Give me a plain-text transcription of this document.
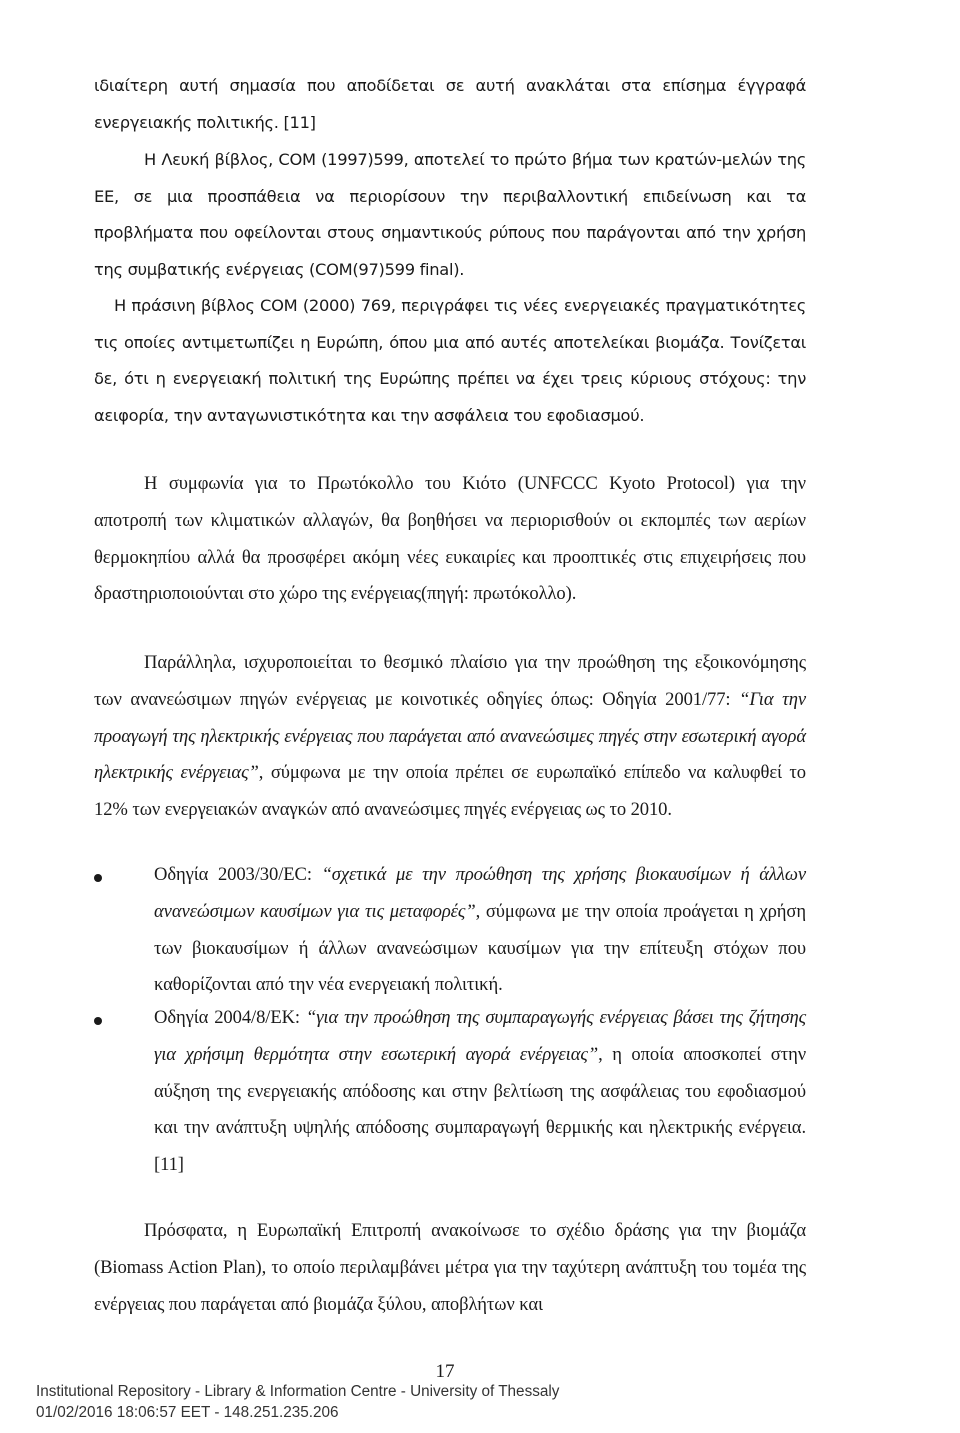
ιδιαίτερη αυτή σημασία που αποδίδεται σε αυτή ανακλάται στα επίσημα έγγραφά ενεργειακής πολιτικής. [11]

Η Λευκή βίβλος, COM (1997)599, αποτελεί το πρώτο βήμα των κρατών-μελών της ΕΕ, σε μια προσπάθεια να περιορίσουν την περιβαλλοντική επιδείνωση και τα προβλήματα που οφείλονται στους σημαντικούς ρύπους που παράγονται από την χρήση της συμβατικής ενέργειας (COM(97)599 final).

Η πράσινη βίβλος COM (2000) 769, περιγράφει τις νέες ενεργειακές πραγματικότητες τις οποίες αντιμετωπίζει η Ευρώπη, όπου μια από αυτές αποτελείκαι βιομάζα. Τονίζεται δε, ότι η ενεργειακή πολιτική της Ευρώπης πρέπει να έχει τρεις κύριους στόχους: την αειφορία, την ανταγωνιστικότητα και την ασφάλεια του εφοδιασμού.

Η συμφωνία για το Πρωτόκολλο του Κιότο (UNFCCC Kyoto Protocol) για την αποτροπή των κλιματικών αλλαγών, θα βοηθήσει να περιορισθούν οι εκπομπές των αερίων θερμοκηπίου αλλά θα προσφέρει ακόμη νέες ευκαιρίες και προοπτικές στις επιχειρήσεις που δραστηριοποιούνται στο χώρο της ενέργειας(πηγή: πρωτόκολλο).

Παράλληλα, ισχυροποιείται το θεσμικό πλαίσιο για την προώθηση της εξοικονόμησης των ανανεώσιμων πηγών ενέργειας με κοινοτικές οδηγίες όπως: Οδηγία 2001/77: “Για την προαγωγή της ηλεκτρικής ενέργειας που παράγεται από ανανεώσιμες πηγές στην εσωτερική αγορά ηλεκτρικής ενέργειας”, σύμφωνα με την οποία πρέπει σε ευρωπαϊκό επίπεδο να καλυφθεί το 12% των ενεργειακών αναγκών από ανανεώσιμες πηγές ενέργειας ως το 2010.

Οδηγία 2003/30/ΕC: “σχετικά με την προώθηση της χρήσης βιοκαυσίμων ή άλλων ανανεώσιμων καυσίμων για τις μεταφορές”, σύμφωνα με την οποία προάγεται η χρήση των βιοκαυσίμων ή άλλων ανανεώσιμων καυσίμων για την επίτευξη στόχων που καθορίζονται από την νέα ενεργειακή πολιτική.

Οδηγία 2004/8/ΕΚ: “για την προώθηση της συμπαραγωγής ενέργειας βάσει της ζήτησης για χρήσιμη θερμότητα στην εσωτερική αγορά ενέργειας”, η οποία αποσκοπεί στην αύξηση της ενεργειακής απόδοσης και στην βελτίωση της ασφάλειας του εφοδιασμού και την ανάπτυξη υψηλής απόδοσης συμπαραγωγή θερμικής και ηλεκτρικής ενέργεια. [11]

Πρόσφατα, η Ευρωπαϊκή Επιτροπή ανακοίνωσε το σχέδιο δράσης για την βιομάζα (Biomass Action Plan), το οποίο περιλαμβάνει μέτρα για την ταχύτερη ανάπτυξη του τομέα της ενέργειας που παράγεται από βιομάζα ξύλου, αποβλήτων και

17
Institutional Repository - Library & Information Centre - University of Thessaly
01/02/2016 18:06:57 EET - 148.251.235.206
